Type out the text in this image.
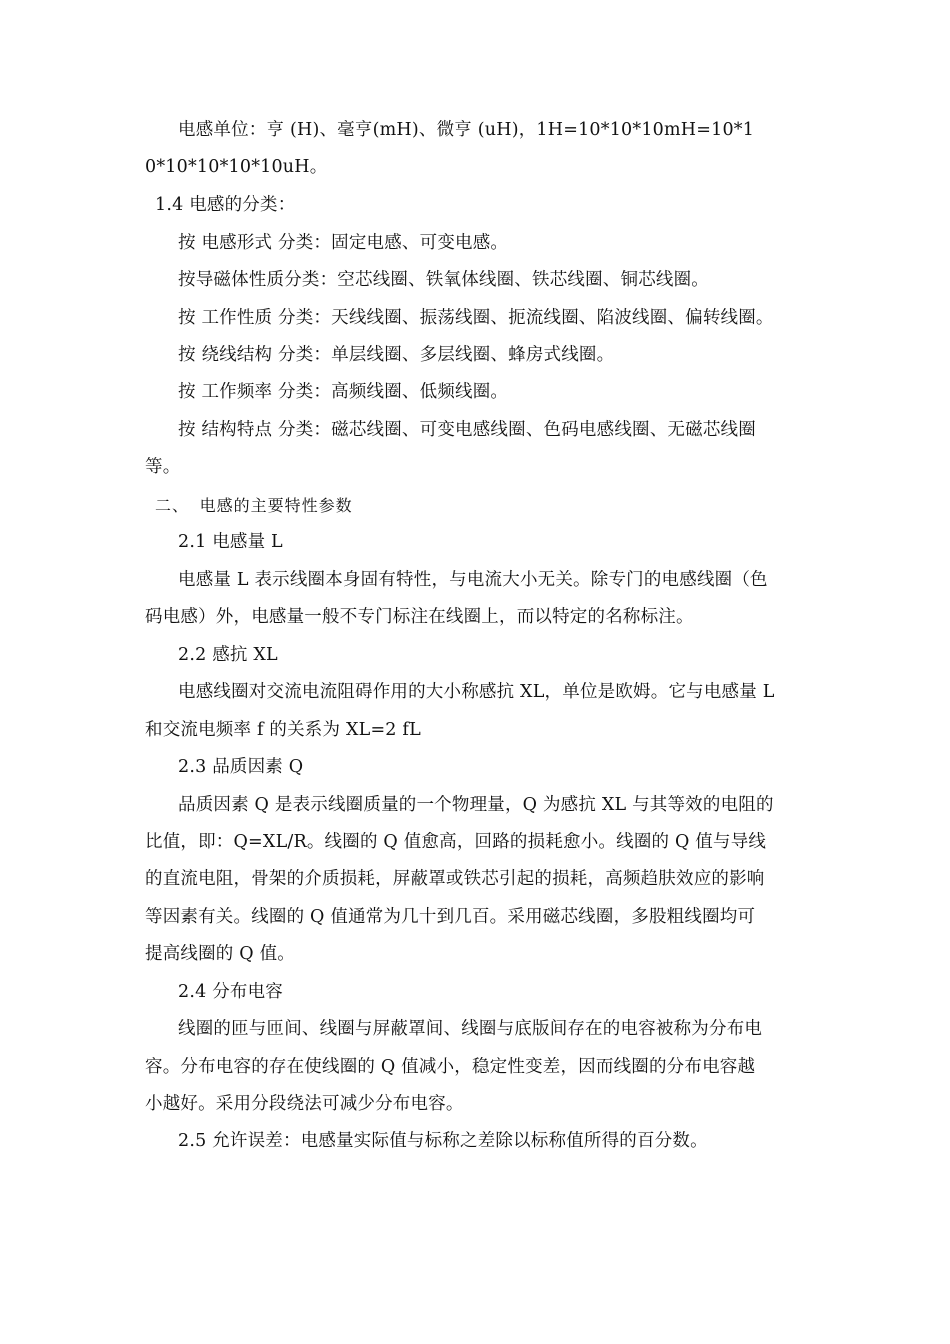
电感单位：亨 (H)、毫亨(mH)、微亨 (uH)，1H=10*10*10mH=10*1
0*10*10*10*10uH。
1.4 电感的分类：
按 电感形式 分类：固定电感、可变电感。
按导磁体性质分类：空芯线圈、铁氧体线圈、铁芯线圈、铜芯线圈。
按 工作性质 分类：天线线圈、振荡线圈、扼流线圈、陷波线圈、偏转线圈。
按 绕线结构 分类：单层线圈、多层线圈、蜂房式线圈。
按 工作频率 分类：高频线圈、低频线圈。
按 结构特点 分类：磁芯线圈、可变电感线圈、色码电感线圈、无磁芯线圈
等。
二、 电感的主要特性参数
2.1 电感量 L
电感量 L 表示线圈本身固有特性，与电流大小无关。除专门的电感线圈（色
码电感）外，电感量一般不专门标注在线圈上，而以特定的名称标注。
2.2 感抗 XL
电感线圈对交流电流阻碍作用的大小称感抗 XL，单位是欧姆。它与电感量 L
和交流电频率 f 的关系为 XL=2 fL
2.3 品质因素 Q
品质因素 Q 是表示线圈质量的一个物理量，Q 为感抗 XL 与其等效的电阻的
比值，即：Q=XL/R。线圈的 Q 值愈高，回路的损耗愈小。线圈的 Q 值与导线
的直流电阻，骨架的介质损耗，屏蔽罩或铁芯引起的损耗，高频趋肤效应的影响
等因素有关。线圈的 Q 值通常为几十到几百。采用磁芯线圈，多股粗线圈均可
提高线圈的 Q 值。
2.4 分布电容
线圈的匝与匝间、线圈与屏蔽罩间、线圈与底版间存在的电容被称为分布电
容。分布电容的存在使线圈的 Q 值减小，稳定性变差，因而线圈的分布电容越
小越好。采用分段绕法可减少分布电容。
2.5 允许误差：电感量实际值与标称之差除以标称值所得的百分数。
